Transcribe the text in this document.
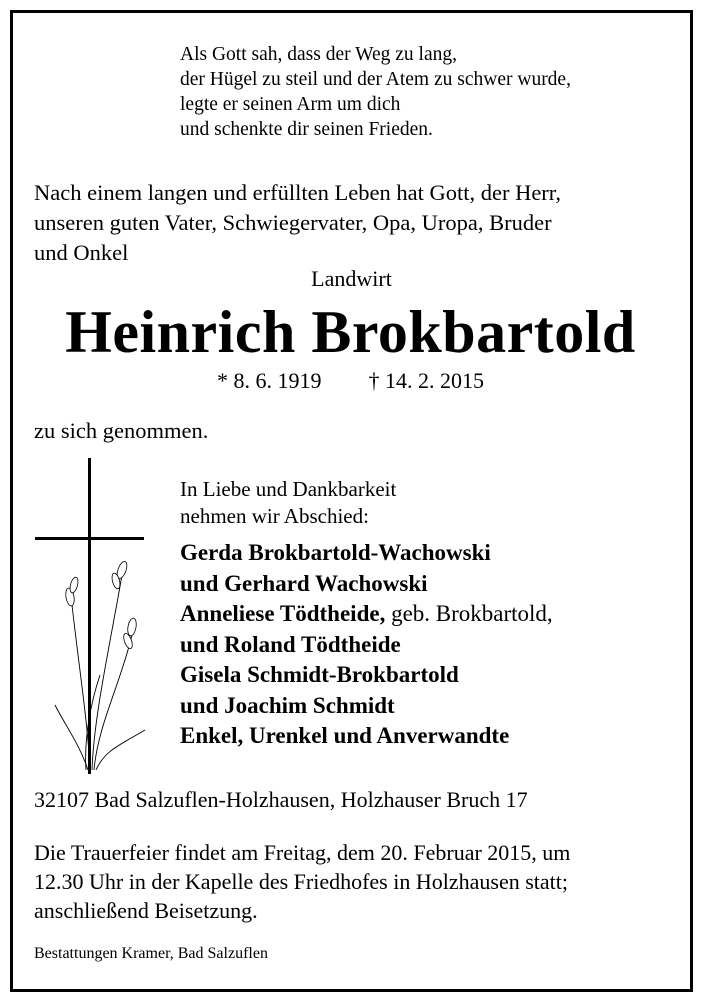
Als Gott sah, dass der Weg zu lang,
der Hügel zu steil und der Atem zu schwer wurde,
legte er seinen Arm um dich
und schenkte dir seinen Frieden.
Nach einem langen und erfüllten Leben hat Gott, der Herr,
unseren guten Vater, Schwiegervater, Opa, Uropa, Bruder
und Onkel
Landwirt
Heinrich Brokbartold
* 8. 6. 1919 † 14. 2. 2015
zu sich genommen.
In Liebe und Dankbarkeit
nehmen wir Abschied:
Gerda Brokbartold-Wachowski
und Gerhard Wachowski
Anneliese Tödtheide, geb. Brokbartold,
und Roland Tödtheide
Gisela Schmidt-Brokbartold
und Joachim Schmidt
Enkel, Urenkel und Anverwandte
32107 Bad Salzuflen-Holzhausen, Holzhauser Bruch 17
Die Trauerfeier findet am Freitag, dem 20. Februar 2015, um
12.30 Uhr in der Kapelle des Friedhofes in Holzhausen statt;
anschließend Beisetzung.
Bestattungen Kramer, Bad Salzuflen
